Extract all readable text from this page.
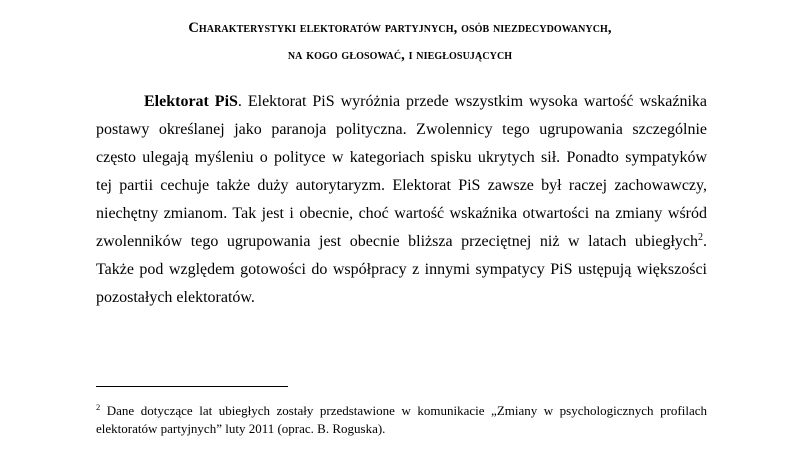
Charakterystyki elektoratów partyjnych, osób niezdecydowanych,
na kogo głosować, i niegłosujących
Elektorat PiS. Elektorat PiS wyróżnia przede wszystkim wysoka wartość wskaźnika
postawy określanej jako paranoja polityczna. Zwolennicy tego ugrupowania szczególnie
często ulegają myśleniu o polityce w kategoriach spisku ukrytych sił. Ponadto sympatyków
tej partii cechuje także duży autorytaryzm. Elektorat PiS zawsze był raczej zachowawczy,
niechętny zmianom. Tak jest i obecnie, choć wartość wskaźnika otwartości na zmiany wśród
zwolenników tego ugrupowania jest obecnie bliższa przeciętnej niż w latach ubiegłych$^2$.
Także pod względem gotowości do współpracy z innymi sympatycy PiS ustępują większości
pozostałych elektoratów.
$^2$ Dane dotyczące lat ubiegłych zostały przedstawione w komunikacie „Zmiany w psychologicznych profilach
elektoratów partyjnych” luty 2011 (oprac. B. Roguska).
